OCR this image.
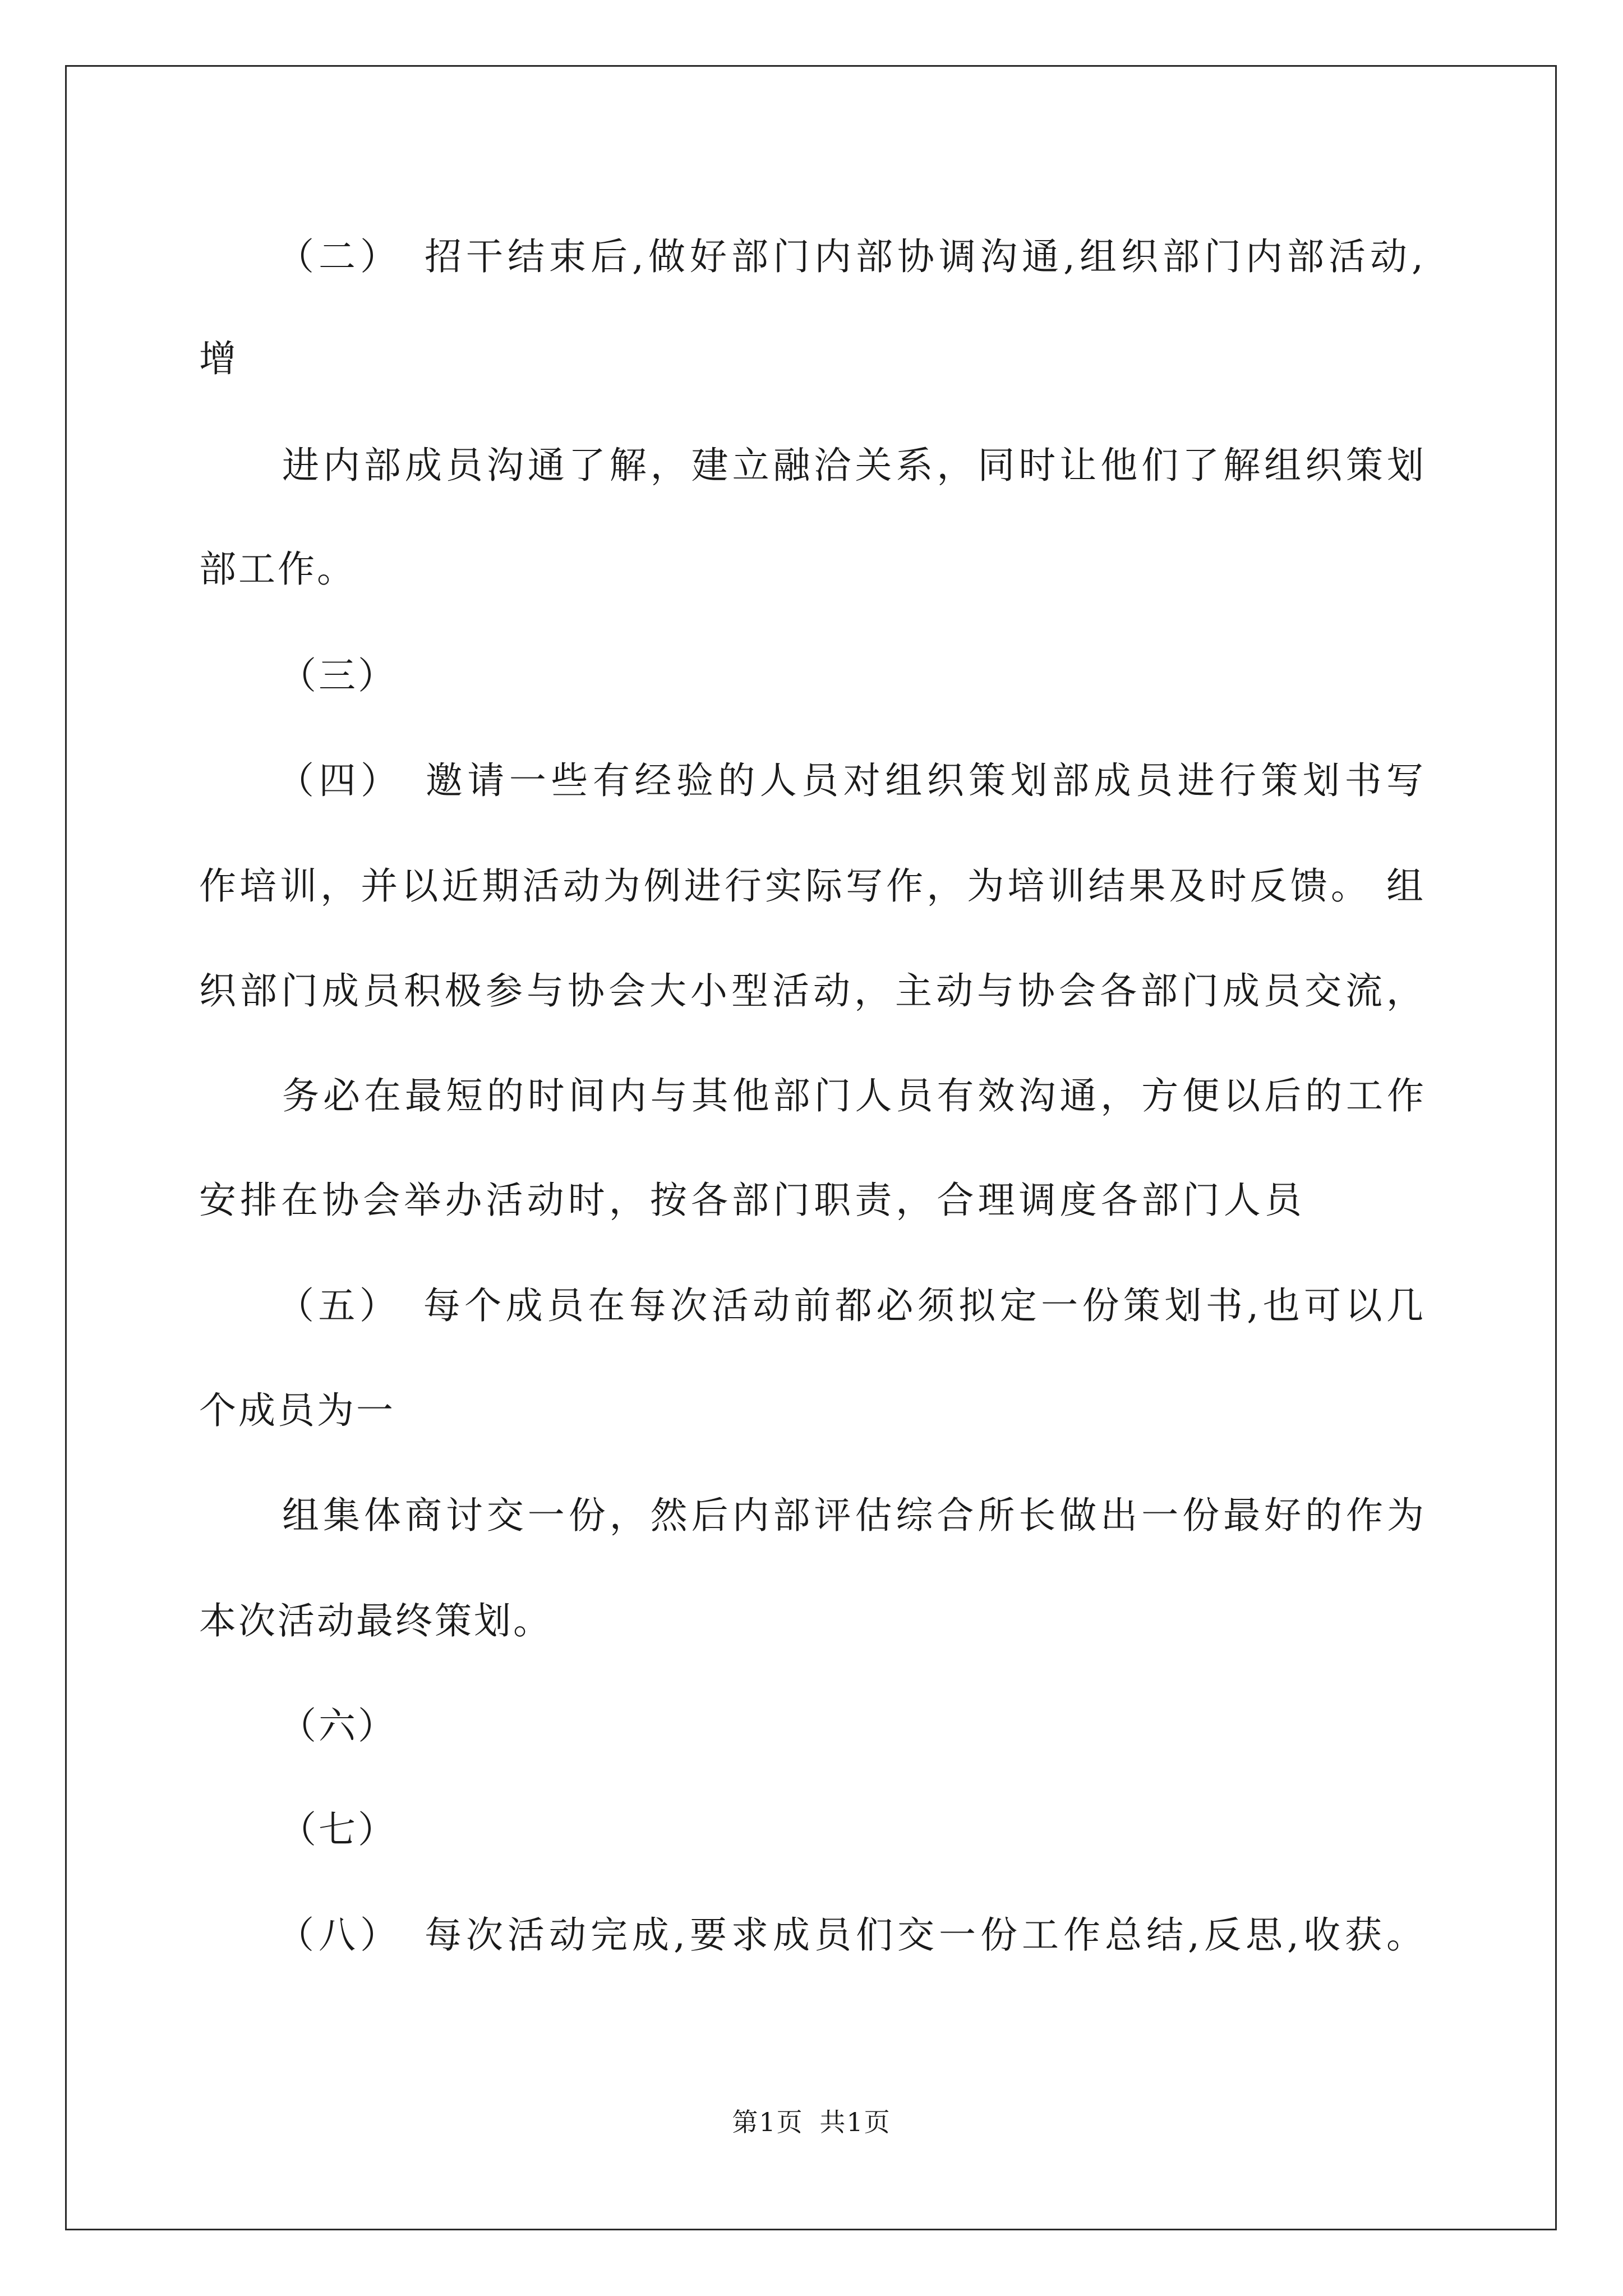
（二）　招干结束后,做好部门内部协调沟通,组织部门内部活动,
增
进内部成员沟通了解，建立融洽关系，同时让他们了解组织策划
部工作。
（三）
（四）　邀请一些有经验的人员对组织策划部成员进行策划书写
作培训，并以近期活动为例进行实际写作，为培训结果及时反馈。 组
织部门成员积极参与协会大小型活动，主动与协会各部门成员交流，
务必在最短的时间内与其他部门人员有效沟通，方便以后的工作
安排在协会举办活动时，按各部门职责，合理调度各部门人员
（五）　每个成员在每次活动前都必须拟定一份策划书,也可以几
个成员为一
组集体商讨交一份，然后内部评估综合所长做出一份最好的作为
本次活动最终策划。
（六）
（七）
（八）　每次活动完成,要求成员们交一份工作总结,反思,收获。
第1页 共1页
